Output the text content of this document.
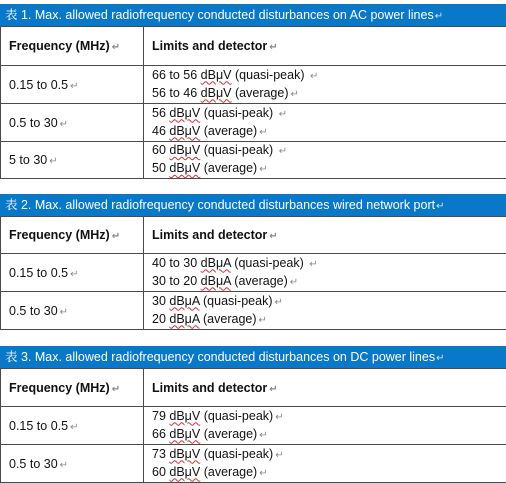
表 1. Max. allowed radiofrequency conducted disturbances on AC power lines↵
Frequency (MHz) ↵	Limits and detector ↵
0.15 to 0.5 ↵	66 to 56 dBμV (quasi-peak) ↵
56 to 46 dBμV (average) ↵

0.5 to 30 ↵	56 dBμV (quasi-peak) ↵
46 dBμV (average) ↵

5 to 30 ↵	60 dBμV (quasi-peak) ↵
50 dBμV (average) ↵
表 2. Max. allowed radiofrequency conducted disturbances wired network port↵
Frequency (MHz) ↵	Limits and detector ↵
0.15 to 0.5 ↵	40 to 30 dBμA (quasi-peak) ↵
30 to 20 dBμA (average) ↵

0.5 to 30 ↵	30 dBμA (quasi-peak) ↵
20 dBμA (average) ↵
表 3. Max. allowed radiofrequency conducted disturbances on DC power lines↵
Frequency (MHz) ↵	Limits and detector ↵
0.15 to 0.5 ↵	79 dBμV (quasi-peak) ↵
66 dBμV (average) ↵

0.5 to 30 ↵	73 dBμV (quasi-peak) ↵
60 dBμV (average) ↵
